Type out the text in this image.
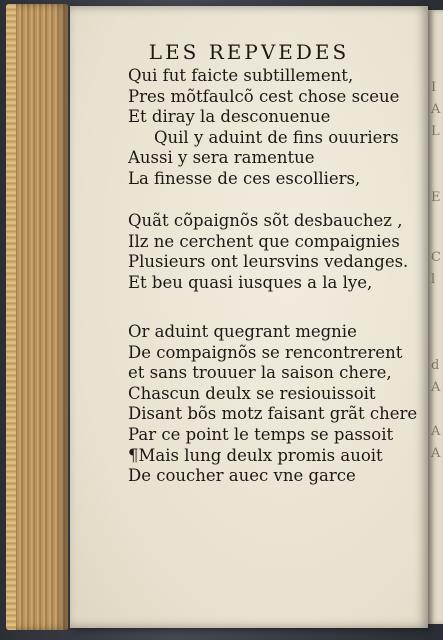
I
A
L
E
C
l
d
A
A
A
LES REPVEDES
Qui fut faicte subtillement,
Pres mõtfaulcõ cest chose sceue
Et diray la desconuenue
Quil y aduint de fins ouuriers
Aussi y sera ramentue
La finesse de ces escolliers,
Quãt cõpaignõs sõt desbauchez ,
Ilz ne cerchent que compaignies
Plusieurs ont leursvins vedanges.
Et beu quasi iusques a la lye,
Or aduint quegrant megnie
De compaignõs se rencontrerent
et sans trouuer la saison chere,
Chascun deulx se resiouissoit
Disant bõs motz faisant grãt chere
Par ce point le temps se passoit
¶Mais lung deulx promis auoit
De coucher auec vne garce
